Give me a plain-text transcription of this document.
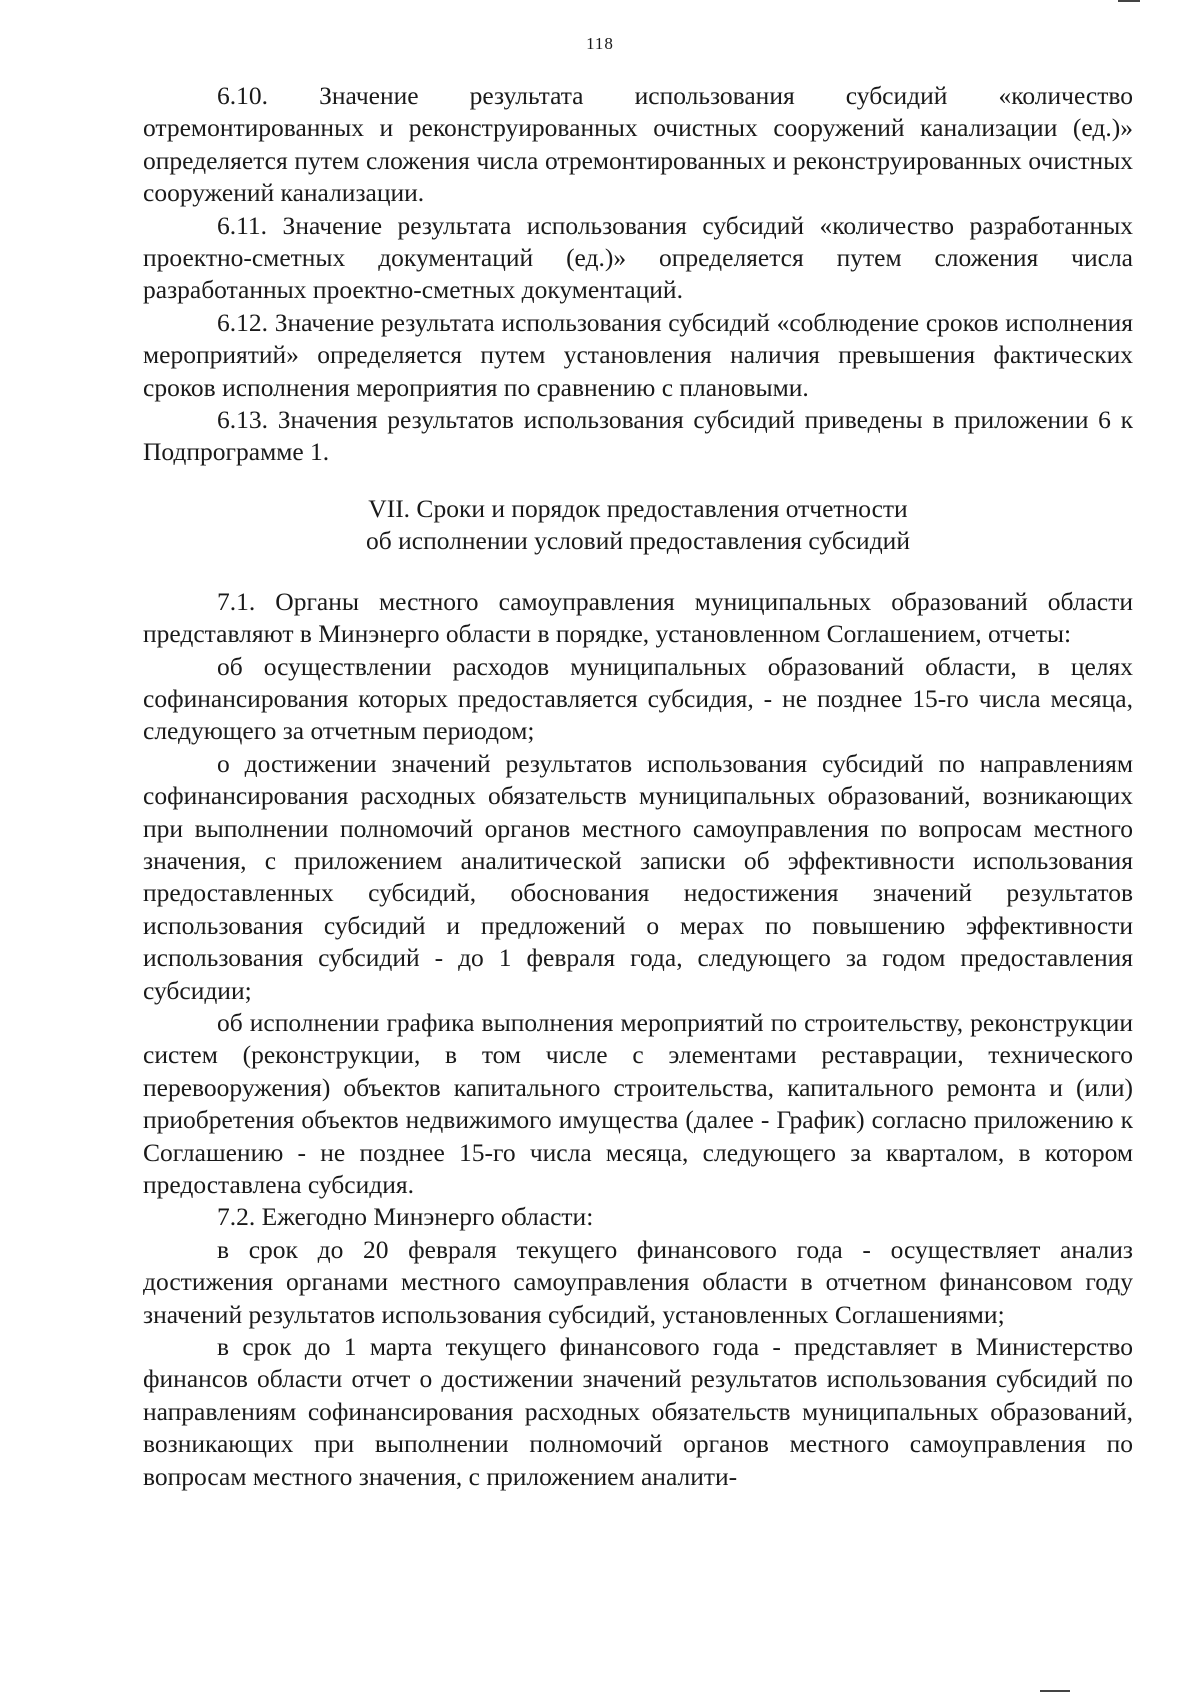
118

6.10. Значение результата использования субсидий «количество отремонтированных и реконструированных очистных сооружений канализации (ед.)» определяется путем сложения числа отремонтированных и реконструированных очистных сооружений канализации.

6.11. Значение результата использования субсидий «количество разработанных проектно-сметных документаций (ед.)» определяется путем сложения числа разработанных проектно-сметных документаций.

6.12. Значение результата использования субсидий «соблюдение сроков исполнения мероприятий» определяется путем установления наличия превышения фактических сроков исполнения мероприятия по сравнению с плановыми.

6.13. Значения результатов использования субсидий приведены в приложении 6 к Подпрограмме 1.

VII. Сроки и порядок предоставления отчетности
об исполнении условий предоставления субсидий

7.1. Органы местного самоуправления муниципальных образований области представляют в Минэнерго области в порядке, установленном Соглашением, отчеты:

об осуществлении расходов муниципальных образований области, в целях софинансирования которых предоставляется субсидия, - не позднее 15-го числа месяца, следующего за отчетным периодом;

о достижении значений результатов использования субсидий по направлениям софинансирования расходных обязательств муниципальных образований, возникающих при выполнении полномочий органов местного самоуправления по вопросам местного значения, с приложением аналитической записки об эффективности использования предоставленных субсидий, обоснования недостижения значений результатов использования субсидий и предложений о мерах по повышению эффективности использования субсидий - до 1 февраля года, следующего за годом предоставления субсидии;

об исполнении графика выполнения мероприятий по строительству, реконструкции систем (реконструкции, в том числе с элементами реставрации, технического перевооружения) объектов капитального строительства, капитального ремонта и (или) приобретения объектов недвижимого имущества (далее - График) согласно приложению к Соглашению - не позднее 15-го числа месяца, следующего за кварталом, в котором предоставлена субсидия.

7.2. Ежегодно Минэнерго области:

в срок до 20 февраля текущего финансового года - осуществляет анализ достижения органами местного самоуправления области в отчетном финансовом году значений результатов использования субсидий, установленных Соглашениями;

в срок до 1 марта текущего финансового года - представляет в Министерство финансов области отчет о достижении значений результатов использования субсидий по направлениям софинансирования расходных обязательств муниципальных образований, возникающих при выполнении полномочий органов местного самоуправления по вопросам местного значения, с приложением аналити-
